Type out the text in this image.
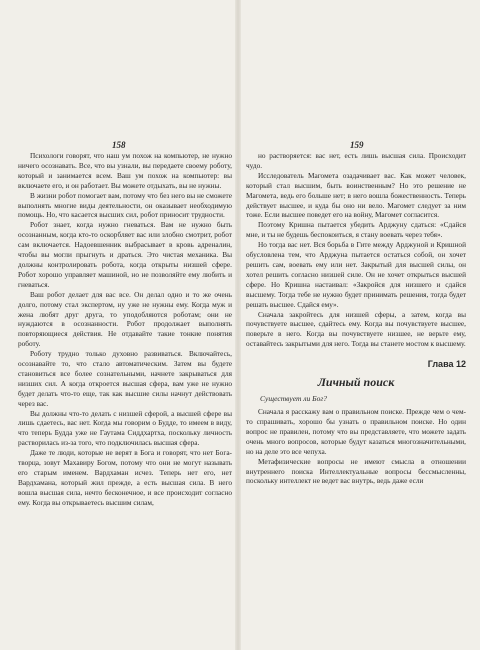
158	159

Психологи говорят, что наш ум похож на компьютер, не нужно ничего осознавать. Все, что вы узнали, вы передаете своему роботу, который и занимается всем. Ваш ум похож на компьютер: вы включаете его, и он работает. Вы можете отдыхать, вы не нужны.

В жизни робот помогает вам, потому что без него вы не сможете выполнять многие виды деятельности, он оказывает необходимую помощь. Но, что касается высших сил, робот приносит трудности.

Робот знает, когда нужно гневаться. Вам не нужно быть осознанным, когда кто-то оскорбляет вас или злобно смотрит, робот сам включается. Надоевшенник выбрасывает в кровь адреналин, чтобы вы могли прыгнуть и драться. Это чистая механика. Вы должны контролировать робота, когда открыты низшей сфере. Робот хорошо управляет машиной, но не позволяйте ему любить и гневаться.

Ваш робот делает для вас все. Он делал одно и то же очень долго, потому стал экспертом, ну уже не нужны ему. Когда муж и жена любят друг друга, то уподобляются роботам; они не нуждаются в осознанности. Робот продолжает выполнять повторяющиеся действия. Не отдавайте такие тонкие понятия роботу.

Роботу трудно только духовно развиваться. Включайтесь, осознавайте то, что стало автоматическим. Затем вы будете становиться все более сознательными, начнете закрываться для низших сил. А когда откроется высшая сфера, вам уже не нужно будет делать что-то еще, так как высшие силы начнут действовать через вас.

Вы должны что-то делать с низшей сферой, а высшей сфере вы лишь сдаетесь, вас нет. Когда мы говорим о Будде, то имеем в виду, что теперь Будда уже не Гаутама Сиддхартха, поскольку личность растворилась из-за того, что подключилась высшая сфера.

Даже те люди, которые не верят в Бога и говорят, что нет Бога-творца, зовут Махавиру Богом, потому что они не могут называть его старым именем. Вардхаман исчез. Теперь нет его, нет Вардхамана, который жил прежде, а есть высшая сила. В него вошла высшая сила, нечто бесконечное, и все происходит согласно ему. Когда вы открываетесь высшим силам,

но растворяется: вас нет, есть лишь высшая сила. Происходит чудо.

Исследователь Магомета озадачивает вас. Как может человек, который стал высшим, быть воинственным? Но это решение не Магомета, ведь его больше нет; в него вошла божественность. Теперь действует высшее, и куда бы оно ни вело. Магомет следует за ним тоже. Если высшее поведет его на войну, Магомет согласится.

Поэтому Кришна пытается убедить Арджуну сдаться: «Сдайся мне, и ты не будешь беспокоиться, я стану воевать через тебя».

Но тогда вас нет. Вся борьба в Гите между Арджуной и Кришной обусловлена тем, что Арджуна пытается остаться собой, он хочет решить сам, воевать ему или нет. Закрытый для высшей силы, он хотел решить согласно низшей силе. Он не хочет открыться высшей сфере. Но Кришна настаивал: «Закройся для низшего и сдайся высшему. Тогда тебе не нужно будет принимать решения, тогда будет решать высшее. Сдайся ему».

Сначала закройтесь для низшей сферы, а затем, когда вы почувствуете высшее, сдайтесь ему. Когда вы почувствуете высшее, поверьте в него. Когда вы почувствуете низшее, не верьте ему, оставайтесь закрытыми для него. Тогда вы станете мостом к высшему.

Глава 12
Личный поиск
Существует ли Бог?

Сначала я расскажу вам о правильном поиске. Прежде чем о чем-то спрашивать, хорошо бы узнать о правильном поиске. Но один вопрос не правилен, потому что вы представляете, что можете задать очень много вопросов, которые будут казаться многозначительными, но на деле это все чепуха.

Метафизические вопросы не имеют смысла в отношении внутреннего поиска Интеллектуальные вопросы бессмысленны, поскольку интеллект не ведет вас внутрь, ведь даже если
